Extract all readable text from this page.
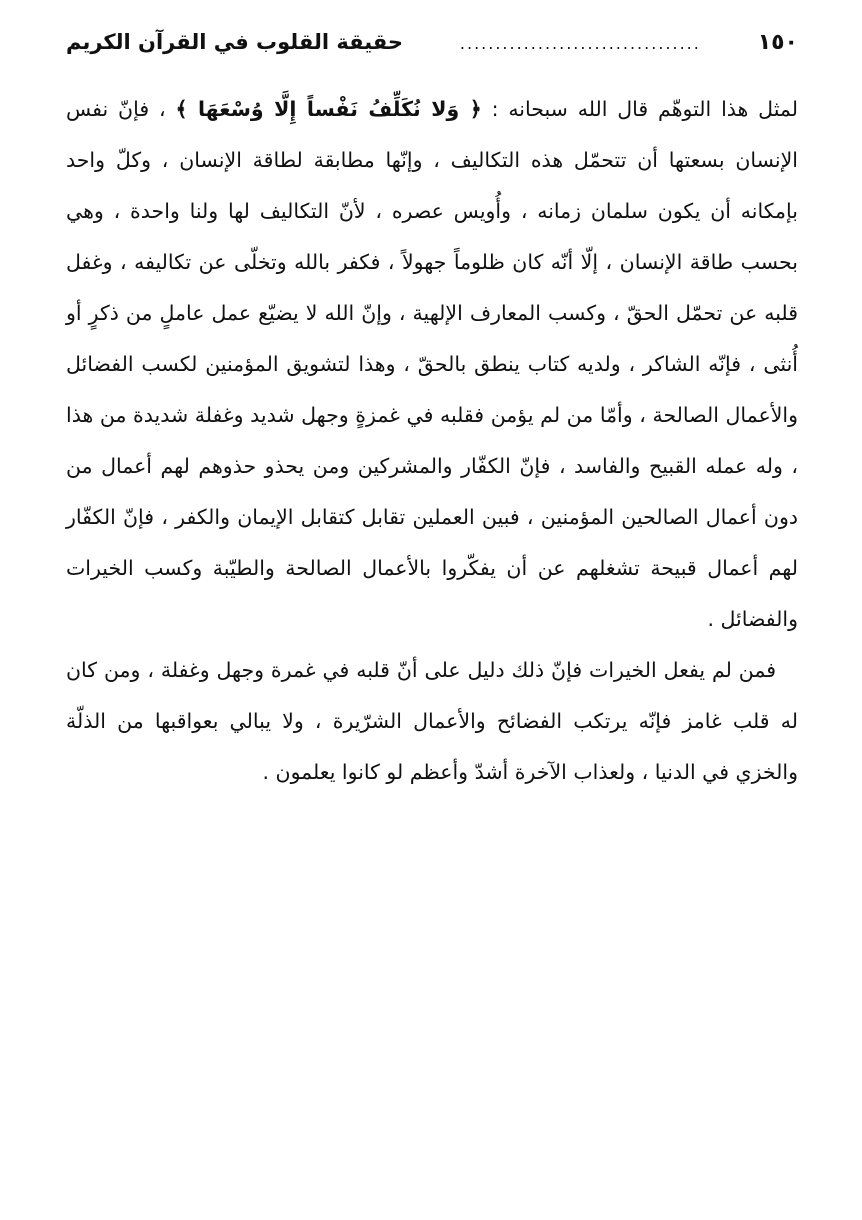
١٥٠
..................................
حقيقة القلوب في القرآن الكريم

لمثل هذا التوهّم قال الله سبحانه : ﴿ وَلا نُكَلِّفُ نَفْساً إِلَّا وُسْعَهَا ﴾ ، فإنّ نفس الإنسان بسعتها أن تتحمّل هذه التكاليف ، وإنّها مطابقة لطاقة الإنسان ، وكلّ واحد بإمكانه أن يكون سلمان زمانه ، وأُويس عصره ، لأنّ التكاليف لها ولنا واحدة ، وهي بحسب طاقة الإنسان ، إلّا أنّه كان ظلوماً جهولاً ، فكفر بالله وتخلّى عن تكاليفه ، وغفل قلبه عن تحمّل الحقّ ، وكسب المعارف الإلهية ، وإنّ الله لا يضيّع عمل عاملٍ من ذكرٍ أو أُنثى ، فإنّه الشاكر ، ولديه كتاب ينطق بالحقّ ، وهذا لتشويق المؤمنين لكسب الفضائل والأعمال الصالحة ، وأمّا من لم يؤمن فقلبه في غمزةٍ وجهل شديد وغفلة شديدة من هذا ، وله عمله القبيح والفاسد ، فإنّ الكفّار والمشركين ومن يحذو حذوهم لهم أعمال من دون أعمال الصالحين المؤمنين ، فبين العملين تقابل كتقابل الإيمان والكفر ، فإنّ الكفّار لهم أعمال قبيحة تشغلهم عن أن يفكّروا بالأعمال الصالحة والطيّبة وكسب الخيرات والفضائل .

فمن لم يفعل الخيرات فإنّ ذلك دليل على أنّ قلبه في غمرة وجهل وغفلة ، ومن كان له قلب غامز فإنّه يرتكب الفضائح والأعمال الشرّيرة ، ولا يبالي بعواقبها من الذلّة والخزي في الدنيا ، ولعذاب الآخرة أشدّ وأعظم لو كانوا يعلمون .
